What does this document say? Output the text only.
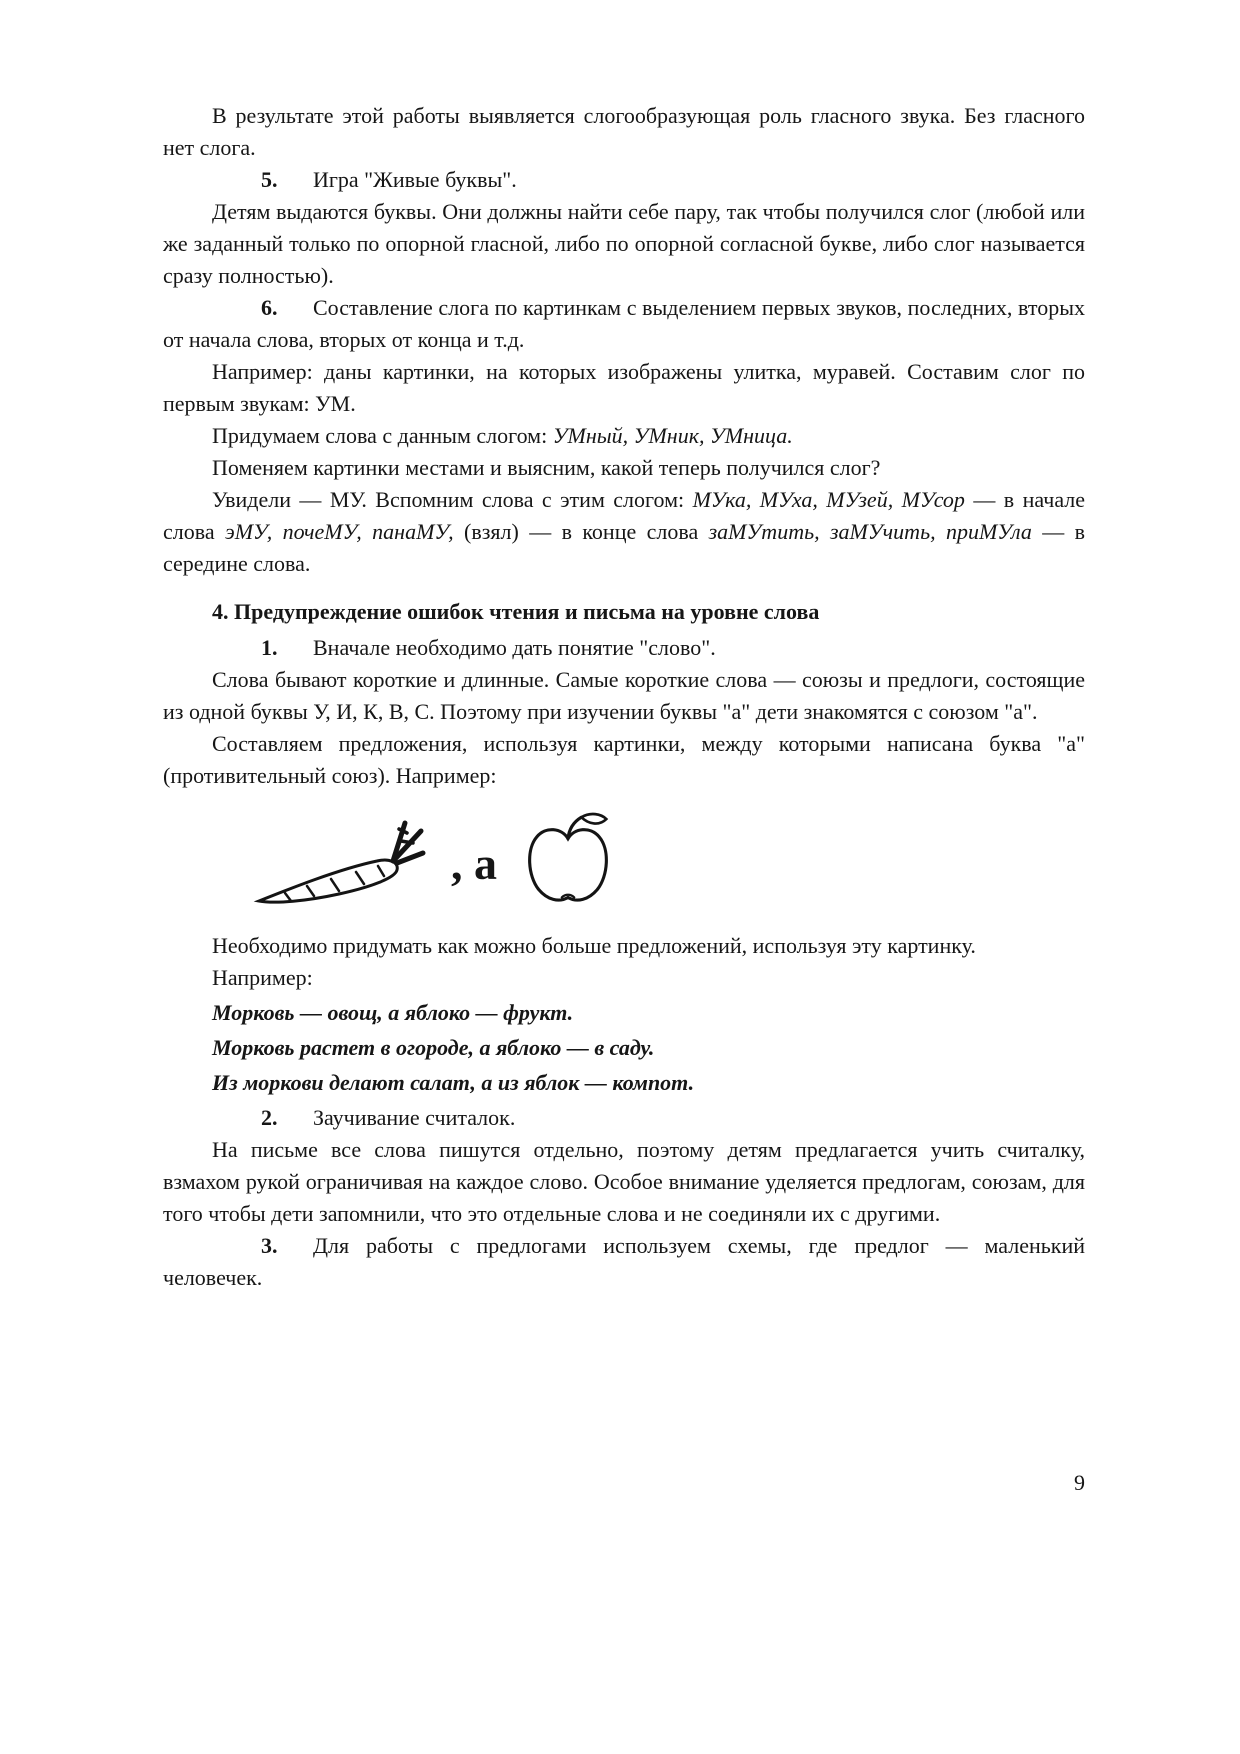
В результате этой работы выявляется слогообразующая роль гласного звука. Без гласного нет слога.

5. Игра "Живые буквы".

Детям выдаются буквы. Они должны найти себе пару, так чтобы получился слог (любой или же заданный только по опорной гласной, либо по опорной согласной букве, либо слог называется сразу полностью).

6. Составление слога по картинкам с выделением первых звуков, последних, вторых от начала слова, вторых от конца и т.д.

Например: даны картинки, на которых изображены улитка, муравей. Составим слог по первым звукам: УМ.

Придумаем слова с данным слогом: УМный, УМник, УМница.

Поменяем картинки местами и выясним, какой теперь получился слог?

Увидели — МУ. Вспомним слова с этим слогом: МУка, МУха, МУзей, МУсор — в начале слова эМУ, почеМУ, панаМУ, (взял) — в конце слова заМУтить, заМУчить, приМУла — в середине слова.

4. Предупреждение ошибок чтения и письма на уровне слова

1. Вначале необходимо дать понятие "слово".

Слова бывают короткие и длинные. Самые короткие слова — союзы и предлоги, состоящие из одной буквы У, И, К, В, С. Поэтому при изучении буквы "а" дети знакомятся с союзом "а".

Составляем предложения, используя картинки, между которыми написана буква "а" (противительный союз). Например:

, а

Необходимо придумать как можно больше предложений, используя эту картинку.

Например:

Морковь — овощ, а яблоко — фрукт.

Морковь растет в огороде, а яблоко — в саду.

Из моркови делают салат, а из яблок — компот.

2. Заучивание считалок.

На письме все слова пишутся отдельно, поэтому детям предлагается учить считалку, взмахом рукой ограничивая на каждое слово. Особое внимание уделяется предлогам, союзам, для того чтобы дети запомнили, что это отдельные слова и не соединяли их с другими.

3. Для работы с предлогами используем схемы, где предлог — маленький человечек.

9
